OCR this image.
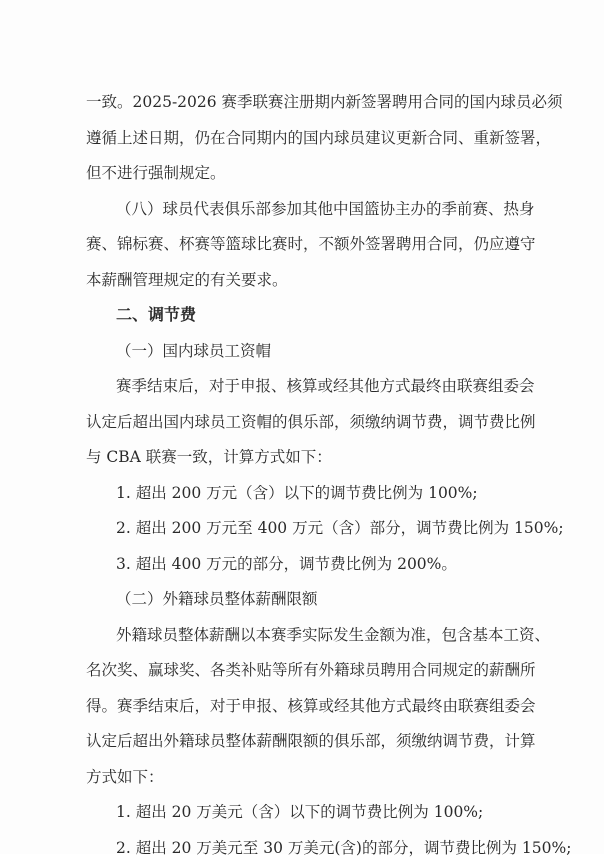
一致。2025-2026 赛季联赛注册期内新签署聘用合同的国内球员必须
遵循上述日期，仍在合同期内的国内球员建议更新合同、重新签署，
但不进行强制规定。
（八）球员代表俱乐部参加其他中国篮协主办的季前赛、热身
赛、锦标赛、杯赛等篮球比赛时，不额外签署聘用合同，仍应遵守
本薪酬管理规定的有关要求。
二、调节费
（一）国内球员工资帽
赛季结束后，对于申报、核算或经其他方式最终由联赛组委会
认定后超出国内球员工资帽的俱乐部，须缴纳调节费，调节费比例
与 CBA 联赛一致，计算方式如下：
1. 超出 200 万元（含）以下的调节费比例为 100%;
2. 超出 200 万元至 400 万元（含）部分，调节费比例为 150%;
3. 超出 400 万元的部分，调节费比例为 200%。
（二）外籍球员整体薪酬限额
外籍球员整体薪酬以本赛季实际发生金额为准，包含基本工资、
名次奖、赢球奖、各类补贴等所有外籍球员聘用合同规定的薪酬所
得。赛季结束后，对于申报、核算或经其他方式最终由联赛组委会
认定后超出外籍球员整体薪酬限额的俱乐部，须缴纳调节费，计算
方式如下：
1. 超出 20 万美元（含）以下的调节费比例为 100%;
2. 超出 20 万美元至 30 万美元(含)的部分，调节费比例为 150%;
